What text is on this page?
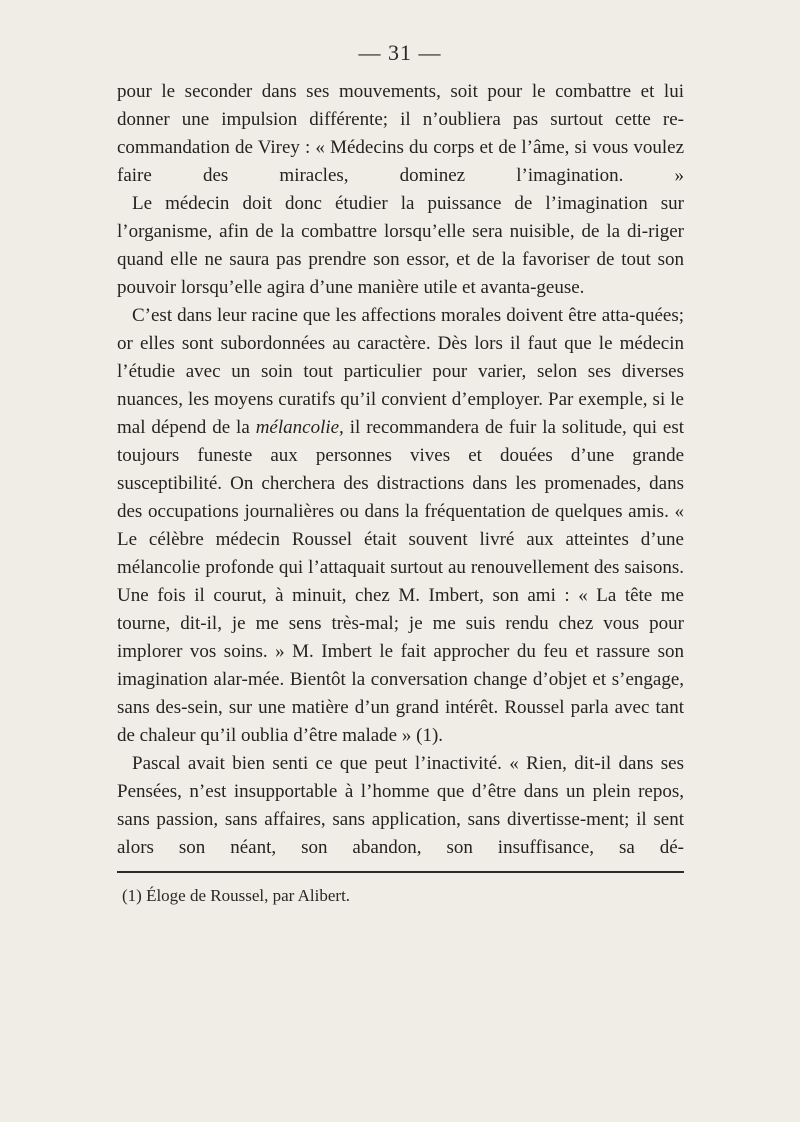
— 31 —

pour le seconder dans ses mouvements, soit pour le combattre et lui donner une impulsion différente; il n’oubliera pas surtout cette re-commandation de Virey : « Médecins du corps et de l’âme, si vous voulez faire des miracles, dominez l’imagination. »

Le médecin doit donc étudier la puissance de l’imagination sur l’organisme, afin de la combattre lorsqu’elle sera nuisible, de la di-riger quand elle ne saura pas prendre son essor, et de la favoriser de tout son pouvoir lorsqu’elle agira d’une manière utile et avanta-geuse.

C’est dans leur racine que les affections morales doivent être atta-quées; or elles sont subordonnées au caractère. Dès lors il faut que le médecin l’étudie avec un soin tout particulier pour varier, selon ses diverses nuances, les moyens curatifs qu’il convient d’employer. Par exemple, si le mal dépend de la mélancolie, il recommandera de fuir la solitude, qui est toujours funeste aux personnes vives et douées d’une grande susceptibilité. On cherchera des distractions dans les promenades, dans des occupations journalières ou dans la fréquentation de quelques amis. « Le célèbre médecin Roussel était souvent livré aux atteintes d’une mélancolie profonde qui l’attaquait surtout au renouvellement des saisons. Une fois il courut, à minuit, chez M. Imbert, son ami : « La tête me tourne, dit-il, je me sens très-mal; je me suis rendu chez vous pour implorer vos soins. » M. Imbert le fait approcher du feu et rassure son imagination alar-mée. Bientôt la conversation change d’objet et s’engage, sans des-sein, sur une matière d’un grand intérêt. Roussel parla avec tant de chaleur qu’il oublia d’être malade » (1).

Pascal avait bien senti ce que peut l’inactivité. « Rien, dit-il dans ses Pensées, n’est insupportable à l’homme que d’être dans un plein repos, sans passion, sans affaires, sans application, sans divertisse-ment; il sent alors son néant, son abandon, son insuffisance, sa dé-

(1) Éloge de Roussel, par Alibert.
